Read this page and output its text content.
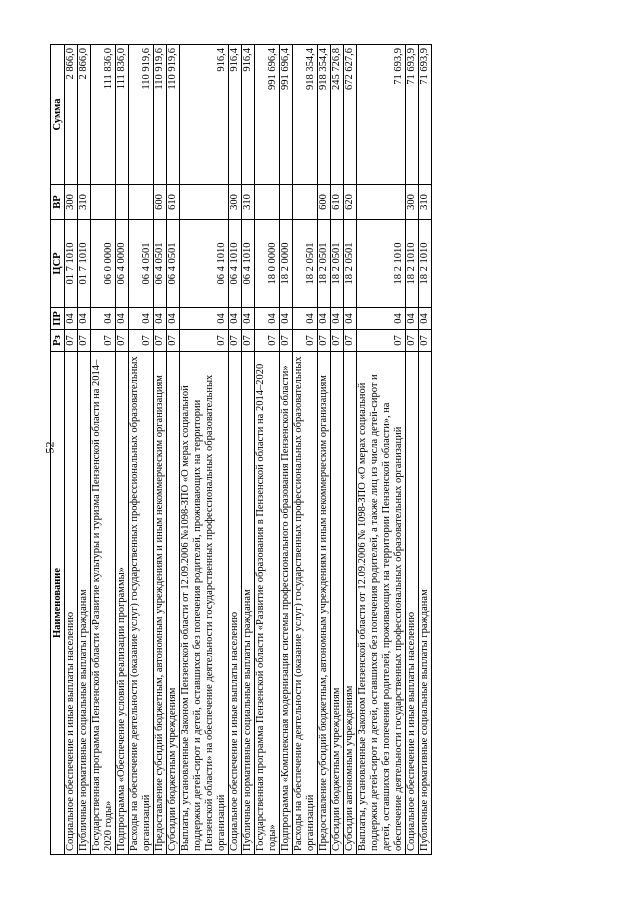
52
Наименование	Рз	ПР	ЦСР	ВР	Сумма
Социальное обеспечение и иные выплаты населению	07	04	01 7 1010	300	2 866,0
Публичные нормативные социальные выплаты гражданам	07	04	01 7 1010	310	2 866,0
Государственная программа Пензенской области «Развитие культуры и туризма Пензенской области на 2014–2020 годы»	07	04	06 0 0000		111 836,0
Подпрограмма «Обеспечение условий реализации программы»	07	04	06 4 0000		111 836,0
Расходы на обеспечение деятельности (оказание услуг) государственных профессиональных образовательных организаций	07	04	06 4 0501		110 919,6
Предоставление субсидий бюджетным, автономным учреждениям и иным некоммерческим организациям	07	04	06 4 0501	600	110 919,6
Субсидии бюджетным учреждениям	07	04	06 4 0501	610	110 919,6
Выплаты, установленные Законом Пензенской области от 12.09.2006 №1098-ЗПО «О мерах социальной поддержки детей-сирот и детей, оставшихся без попечения родителей, проживающих на территории Пензенской области» на обеспечение деятельности государственных профессиональных образовательных организаций	07	04	06 4 1010		916,4
Социальное обеспечение и иные выплаты населению	07	04	06 4 1010	300	916,4
Публичные нормативные социальные выплаты гражданам	07	04	06 4 1010	310	916,4
Государственная программа Пензенской области «Развитие образования в Пензенской области на 2014–2020 годы»	07	04	18 0 0000		991 696,4
Подпрограмма «Комплексная модернизация системы профессионального образования Пензенской области»	07	04	18 2 0000		991 696,4
Расходы на обеспечение деятельности (оказание услуг) государственных профессиональных образовательных организаций	07	04	18 2 0501		918 354,4
Предоставление субсидий бюджетным, автономным учреждениям и иным некоммерческим организациям	07	04	18 2 0501	600	918 354,4
Субсидии бюджетным учреждениям	07	04	18 2 0501	610	245 726,8
Субсидии автономным учреждениям	07	04	18 2 0501	620	672 627,6
Выплаты, установленные Законом Пензенской области от 12.09.2006 № 1098-ЗПО «О мерах социальной поддержки детей-сирот и детей, оставшихся без попечения родителей, а также лиц из числа детей-сирот и детей, оставшихся без попечения родителей, проживающих на территории Пензенской области», на обеспечение деятельности государственных профессиональных образовательных организаций	07	04	18 2 1010		71 693,9
Социальное обеспечение и иные выплаты населению	07	04	18 2 1010	300	71 693,9
Публичные нормативные социальные выплаты гражданам	07	04	18 2 1010	310	71 693,9
